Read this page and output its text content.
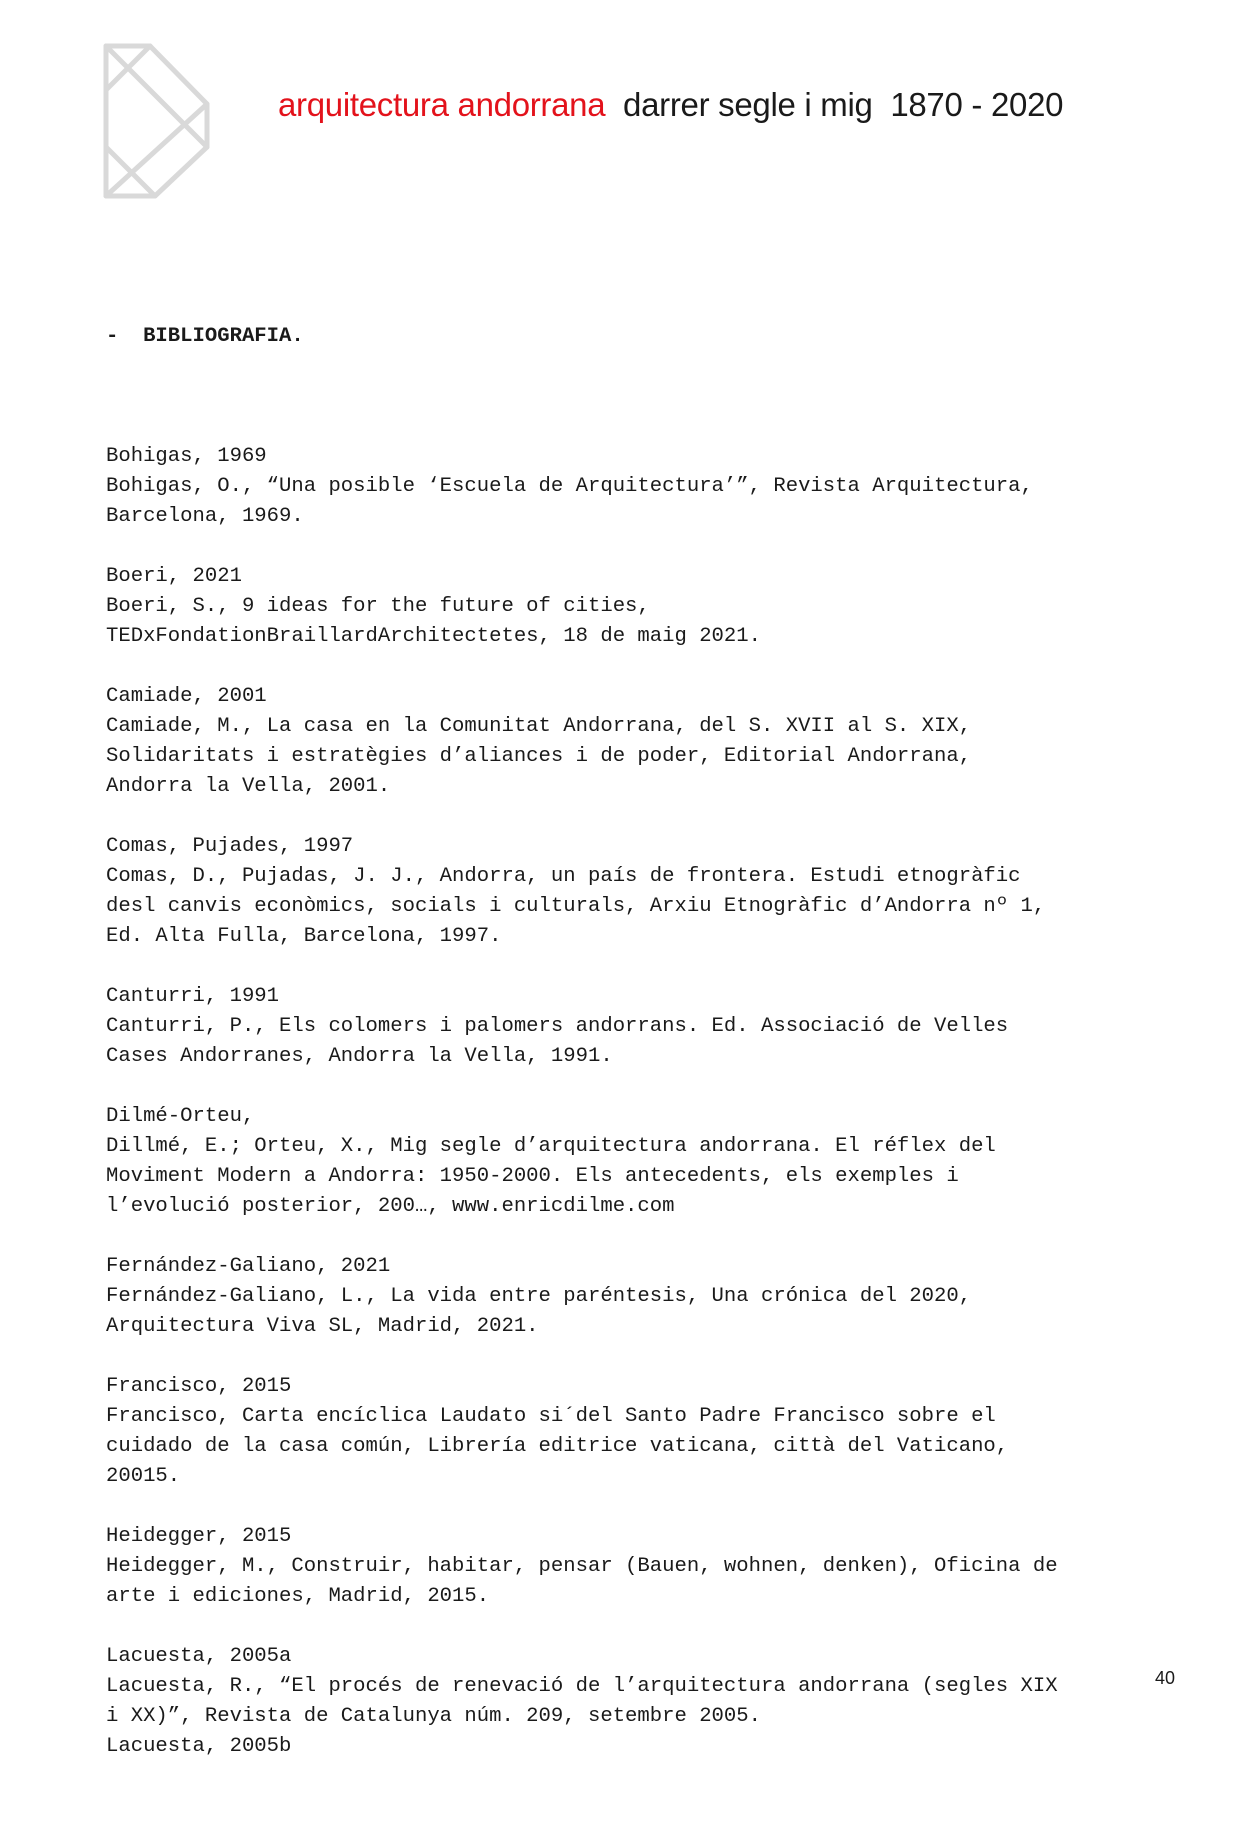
arquitectura andorrana darrer segle i mig 1870 - 2020

- BIBLIOGRAFIA.

Bohigas, 1969
Bohigas, O., “Una posible ‘Escuela de Arquitectura’”, Revista Arquitectura,
Barcelona, 1969.
Boeri, 2021
Boeri, S., 9 ideas for the future of cities,
TEDxFondationBraillardArchitectetes, 18 de maig 2021.
Camiade, 2001
Camiade, M., La casa en la Comunitat Andorrana, del S. XVII al S. XIX,
Solidaritats i estratègies d’aliances i de poder, Editorial Andorrana,
Andorra la Vella, 2001.
Comas, Pujades, 1997
Comas, D., Pujadas, J. J., Andorra, un país de frontera. Estudi etnogràfic
desl canvis econòmics, socials i culturals, Arxiu Etnogràfic d’Andorra nº 1,
Ed. Alta Fulla, Barcelona, 1997.
Canturri, 1991
Canturri, P., Els colomers i palomers andorrans. Ed. Associació de Velles
Cases Andorranes, Andorra la Vella, 1991.
Dilmé-Orteu,
Dillmé, E.; Orteu, X., Mig segle d’arquitectura andorrana. El réflex del
Moviment Modern a Andorra: 1950-2000. Els antecedents, els exemples i
l’evolució posterior, 200…, www.enricdilme.com
Fernández-Galiano, 2021
Fernández-Galiano, L., La vida entre paréntesis, Una crónica del 2020,
Arquitectura Viva SL, Madrid, 2021.
Francisco, 2015
Francisco, Carta encíclica Laudato si´del Santo Padre Francisco sobre el
cuidado de la casa común, Librería editrice vaticana, città del Vaticano,
20015.
Heidegger, 2015
Heidegger, M., Construir, habitar, pensar (Bauen, wohnen, denken), Oficina de
arte i ediciones, Madrid, 2015.
Lacuesta, 2005a
Lacuesta, R., “El procés de renevació de l’arquitectura andorrana (segles XIX
i XX)”, Revista de Catalunya núm. 209, setembre 2005.
Lacuesta, 2005b

40
